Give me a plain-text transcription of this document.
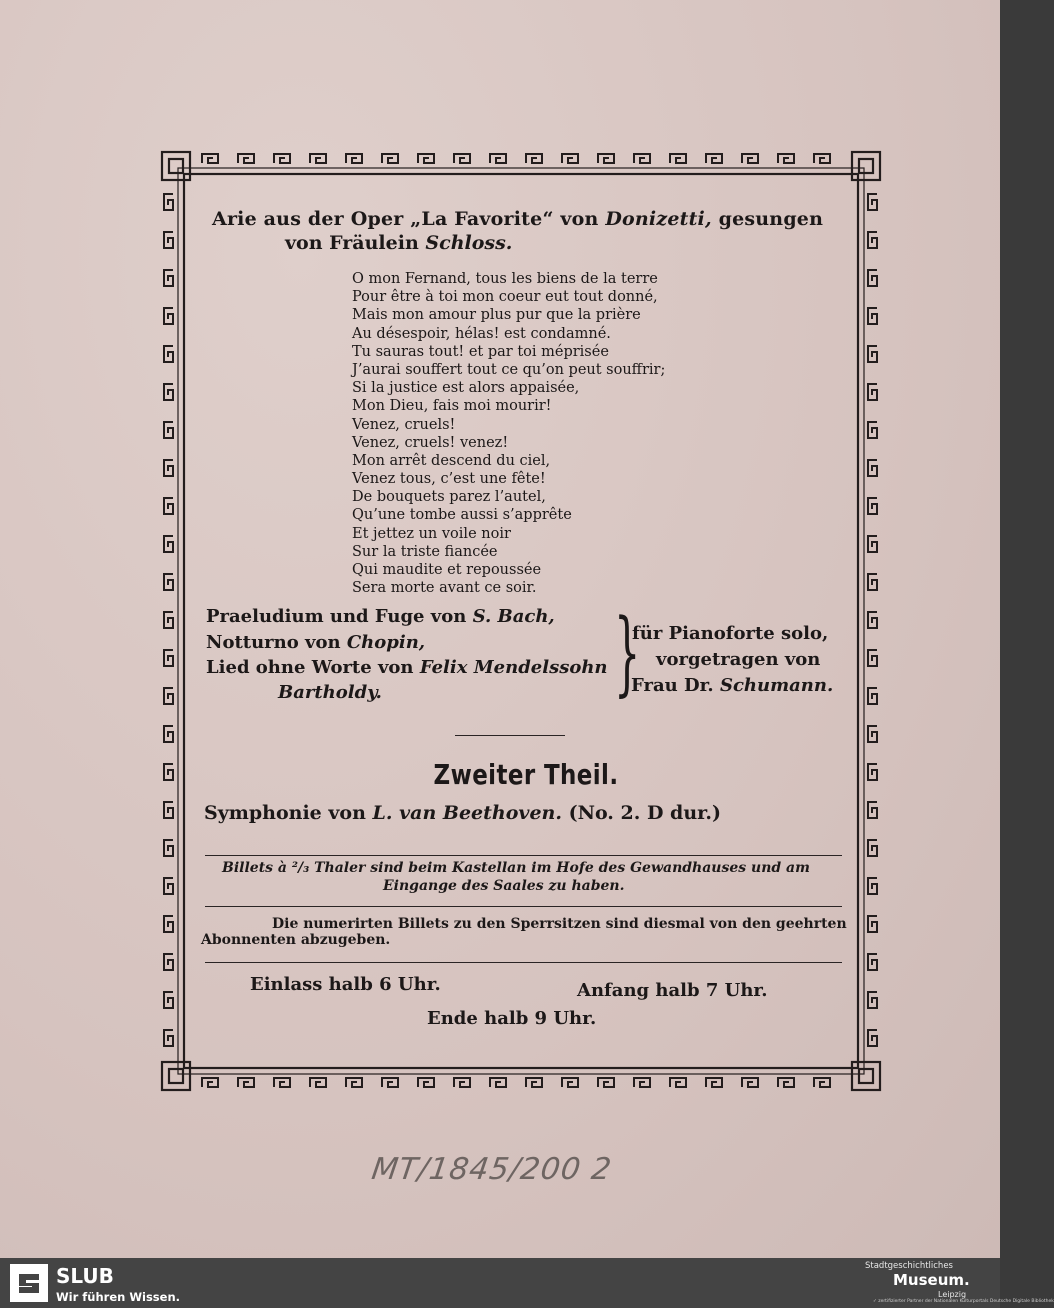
Arie aus der Oper „La Favorite“ von Donizetti, gesungen
von Fräulein Schloss.
O mon Fernand, tous les biens de la terre
Pour être à toi mon coeur eut tout donné,
Mais mon amour plus pur que la prière
Au désespoir, hélas! est condamné.
Tu sauras tout! et par toi méprisée
J’aurai souffert tout ce qu’on peut souffrir;
Si la justice est alors appaisée,
Mon Dieu, fais moi mourir!
Venez, cruels!
Venez, cruels! venez!
Mon arrêt descend du ciel,
Venez tous, c’est une fête!
De bouquets parez l’autel,
Qu’une tombe aussi s’apprête
Et jettez un voile noir
Sur la triste fiancée
Qui maudite et repoussée
Sera morte avant ce soir.
Praeludium und Fuge von S. Bach,
Notturno von Chopin,
Lied ohne Worte von Felix Mendelssohn
Bartholdy.	}
für Pianoforte solo,
vorgetragen von
Frau Dr. Schumann.
Zweiter Theil.
Symphonie von L. van Beethoven. (No. 2. D dur.)
Billets à ²/₃ Thaler sind beim Kastellan im Hofe des Gewandhauses und am
Eingange des Saales zu haben.
Die numerirten Billets zu den Sperrsitzen sind diesmal von den geehrten
Abonnenten abzugeben.
Einlass halb 6 Uhr.	Anfang halb 7 Uhr.
Ende halb 9 Uhr.
MT/1845/200 2
SLUB
Wir führen Wissen.
Stadtgeschichtliches
Museum.
Leipzig
✓ zertifizierter Partner der Nationalen Kulturportals Deutsche Digitale Bibliothek
